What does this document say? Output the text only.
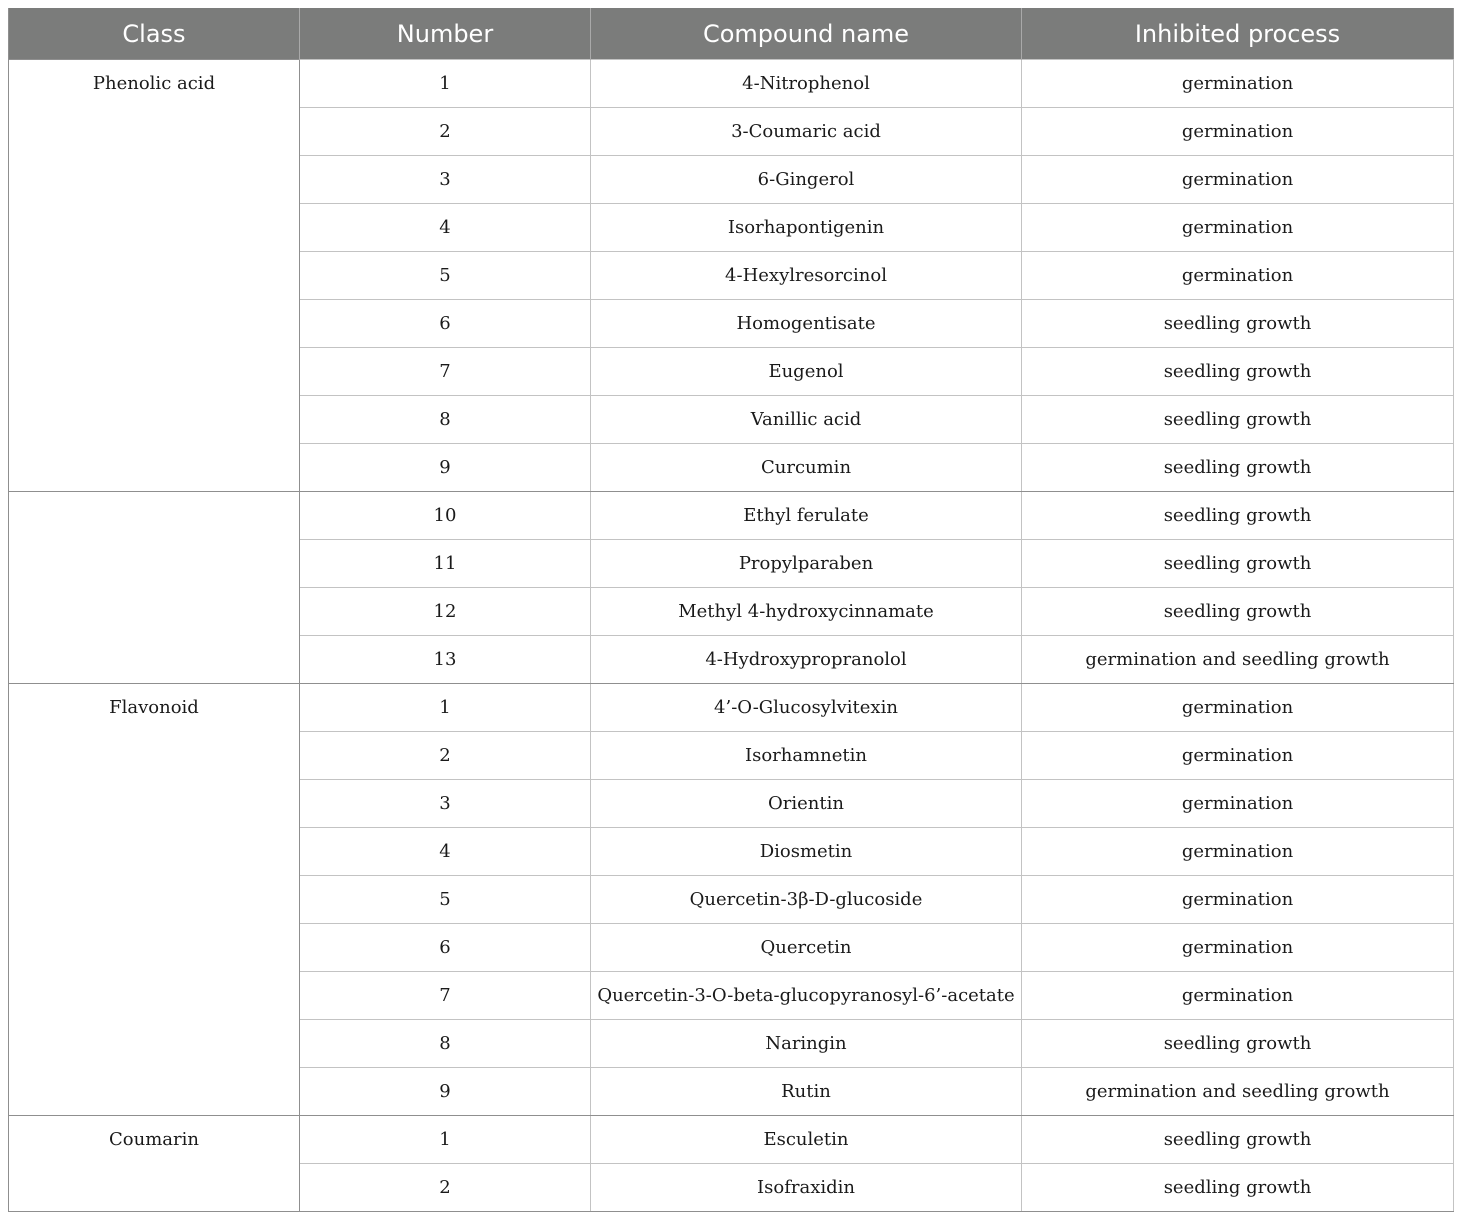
Class	Number	Compound name	Inhibited process
Phenolic acid	1	4-Nitrophenol	germination
	2	3-Coumaric acid	germination
	3	6-Gingerol	germination
	4	Isorhapontigenin	germination
	5	4-Hexylresorcinol	germination
	6	Homogentisate	seedling growth
	7	Eugenol	seedling growth
	8	Vanillic acid	seedling growth
	9	Curcumin	seedling growth
	10	Ethyl ferulate	seedling growth
	11	Propylparaben	seedling growth
	12	Methyl 4-hydroxycinnamate	seedling growth
	13	4-Hydroxypropranolol	germination and seedling growth
Flavonoid	1	4’-O-Glucosylvitexin	germination
	2	Isorhamnetin	germination
	3	Orientin	germination
	4	Diosmetin	germination
	5	Quercetin-3β-D-glucoside	germination
	6	Quercetin	germination
	7	Quercetin-3-O-beta-glucopyranosyl-6’-acetate	germination
	8	Naringin	seedling growth
	9	Rutin	germination and seedling growth
Coumarin	1	Esculetin	seedling growth
	2	Isofraxidin	seedling growth
